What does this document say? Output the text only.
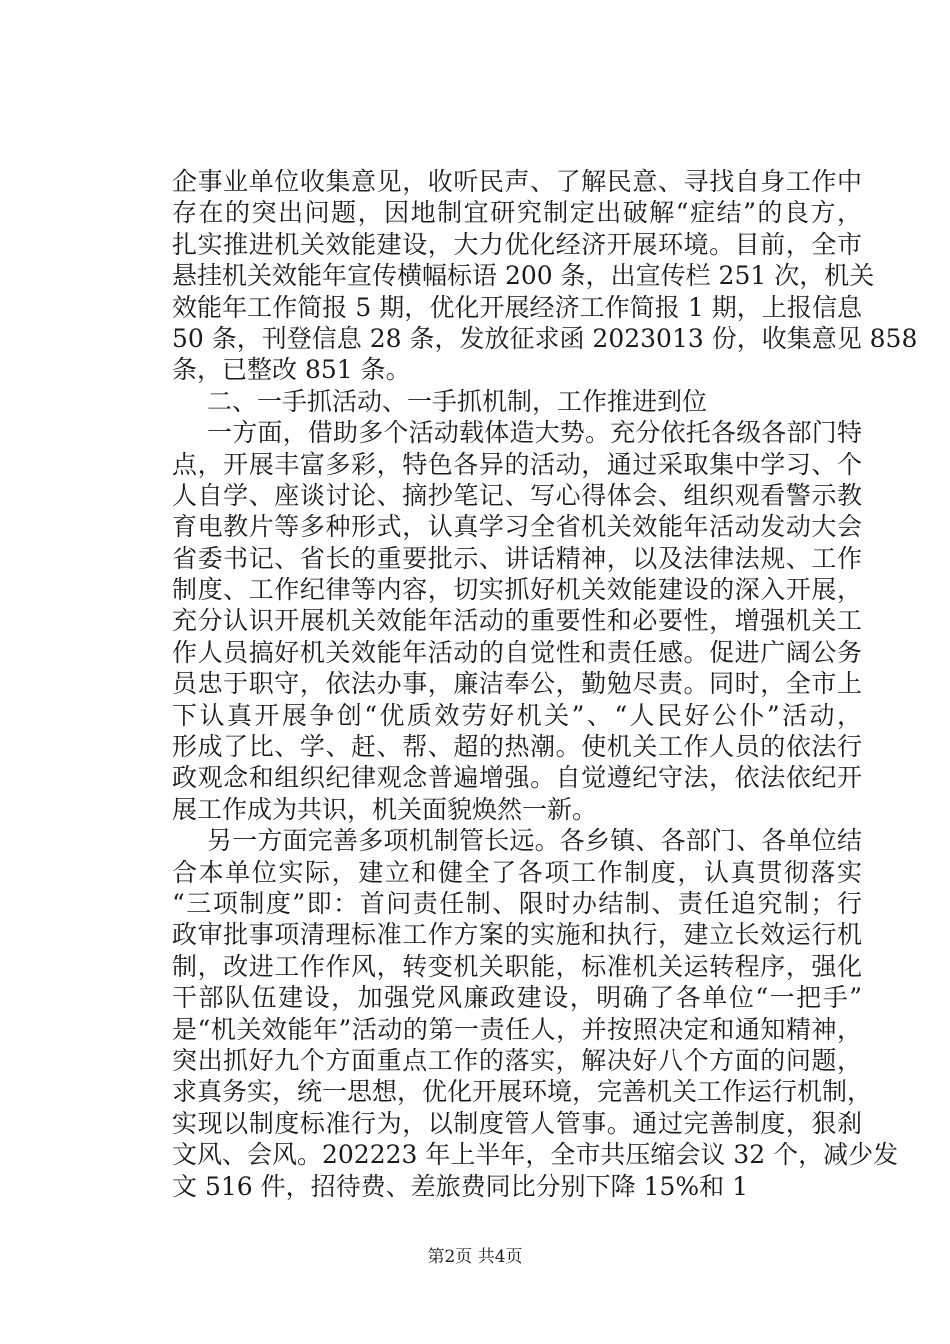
企事业单位收集意见，收听民声、了解民意、寻找自身工作中
存在的突出问题，因地制宜研究制定出破解“症结”的良方，
扎实推进机关效能建设，大力优化经济开展环境。目前，全市
悬挂机关效能年宣传横幅标语 200 条，出宣传栏 251 次，机关
效能年工作简报 5 期，优化开展经济工作简报 1 期，上报信息
50 条，刊登信息 28 条，发放征求函 2023013 份，收集意见 858
条，已整改 851 条。
二、一手抓活动、一手抓机制，工作推进到位
一方面，借助多个活动载体造大势。充分依托各级各部门特
点，开展丰富多彩，特色各异的活动，通过采取集中学习、个
人自学、座谈讨论、摘抄笔记、写心得体会、组织观看警示教
育电教片等多种形式，认真学习全省机关效能年活动发动大会
省委书记、省长的重要批示、讲话精神，以及法律法规、工作
制度、工作纪律等内容，切实抓好机关效能建设的深入开展，
充分认识开展机关效能年活动的重要性和必要性，增强机关工
作人员搞好机关效能年活动的自觉性和责任感。促进广阔公务
员忠于职守，依法办事，廉洁奉公，勤勉尽责。同时，全市上
下认真开展争创“优质效劳好机关”、“人民好公仆”活动，
形成了比、学、赶、帮、超的热潮。使机关工作人员的依法行
政观念和组织纪律观念普遍增强。自觉遵纪守法，依法依纪开
展工作成为共识，机关面貌焕然一新。
另一方面完善多项机制管长远。各乡镇、各部门、各单位结
合本单位实际，建立和健全了各项工作制度，认真贯彻落实
“三项制度”即：首问责任制、限时办结制、责任追究制；行
政审批事项清理标准工作方案的实施和执行，建立长效运行机
制，改进工作作风，转变机关职能，标准机关运转程序，强化
干部队伍建设，加强党风廉政建设，明确了各单位“一把手”
是“机关效能年”活动的第一责任人，并按照决定和通知精神，
突出抓好九个方面重点工作的落实，解决好八个方面的问题，
求真务实，统一思想，优化开展环境，完善机关工作运行机制，
实现以制度标准行为，以制度管人管事。通过完善制度，狠刹
文风、会风。202223 年上半年，全市共压缩会议 32 个，减少发
文 516 件，招待费、差旅费同比分别下降 15%和 1
第2页 共4页
